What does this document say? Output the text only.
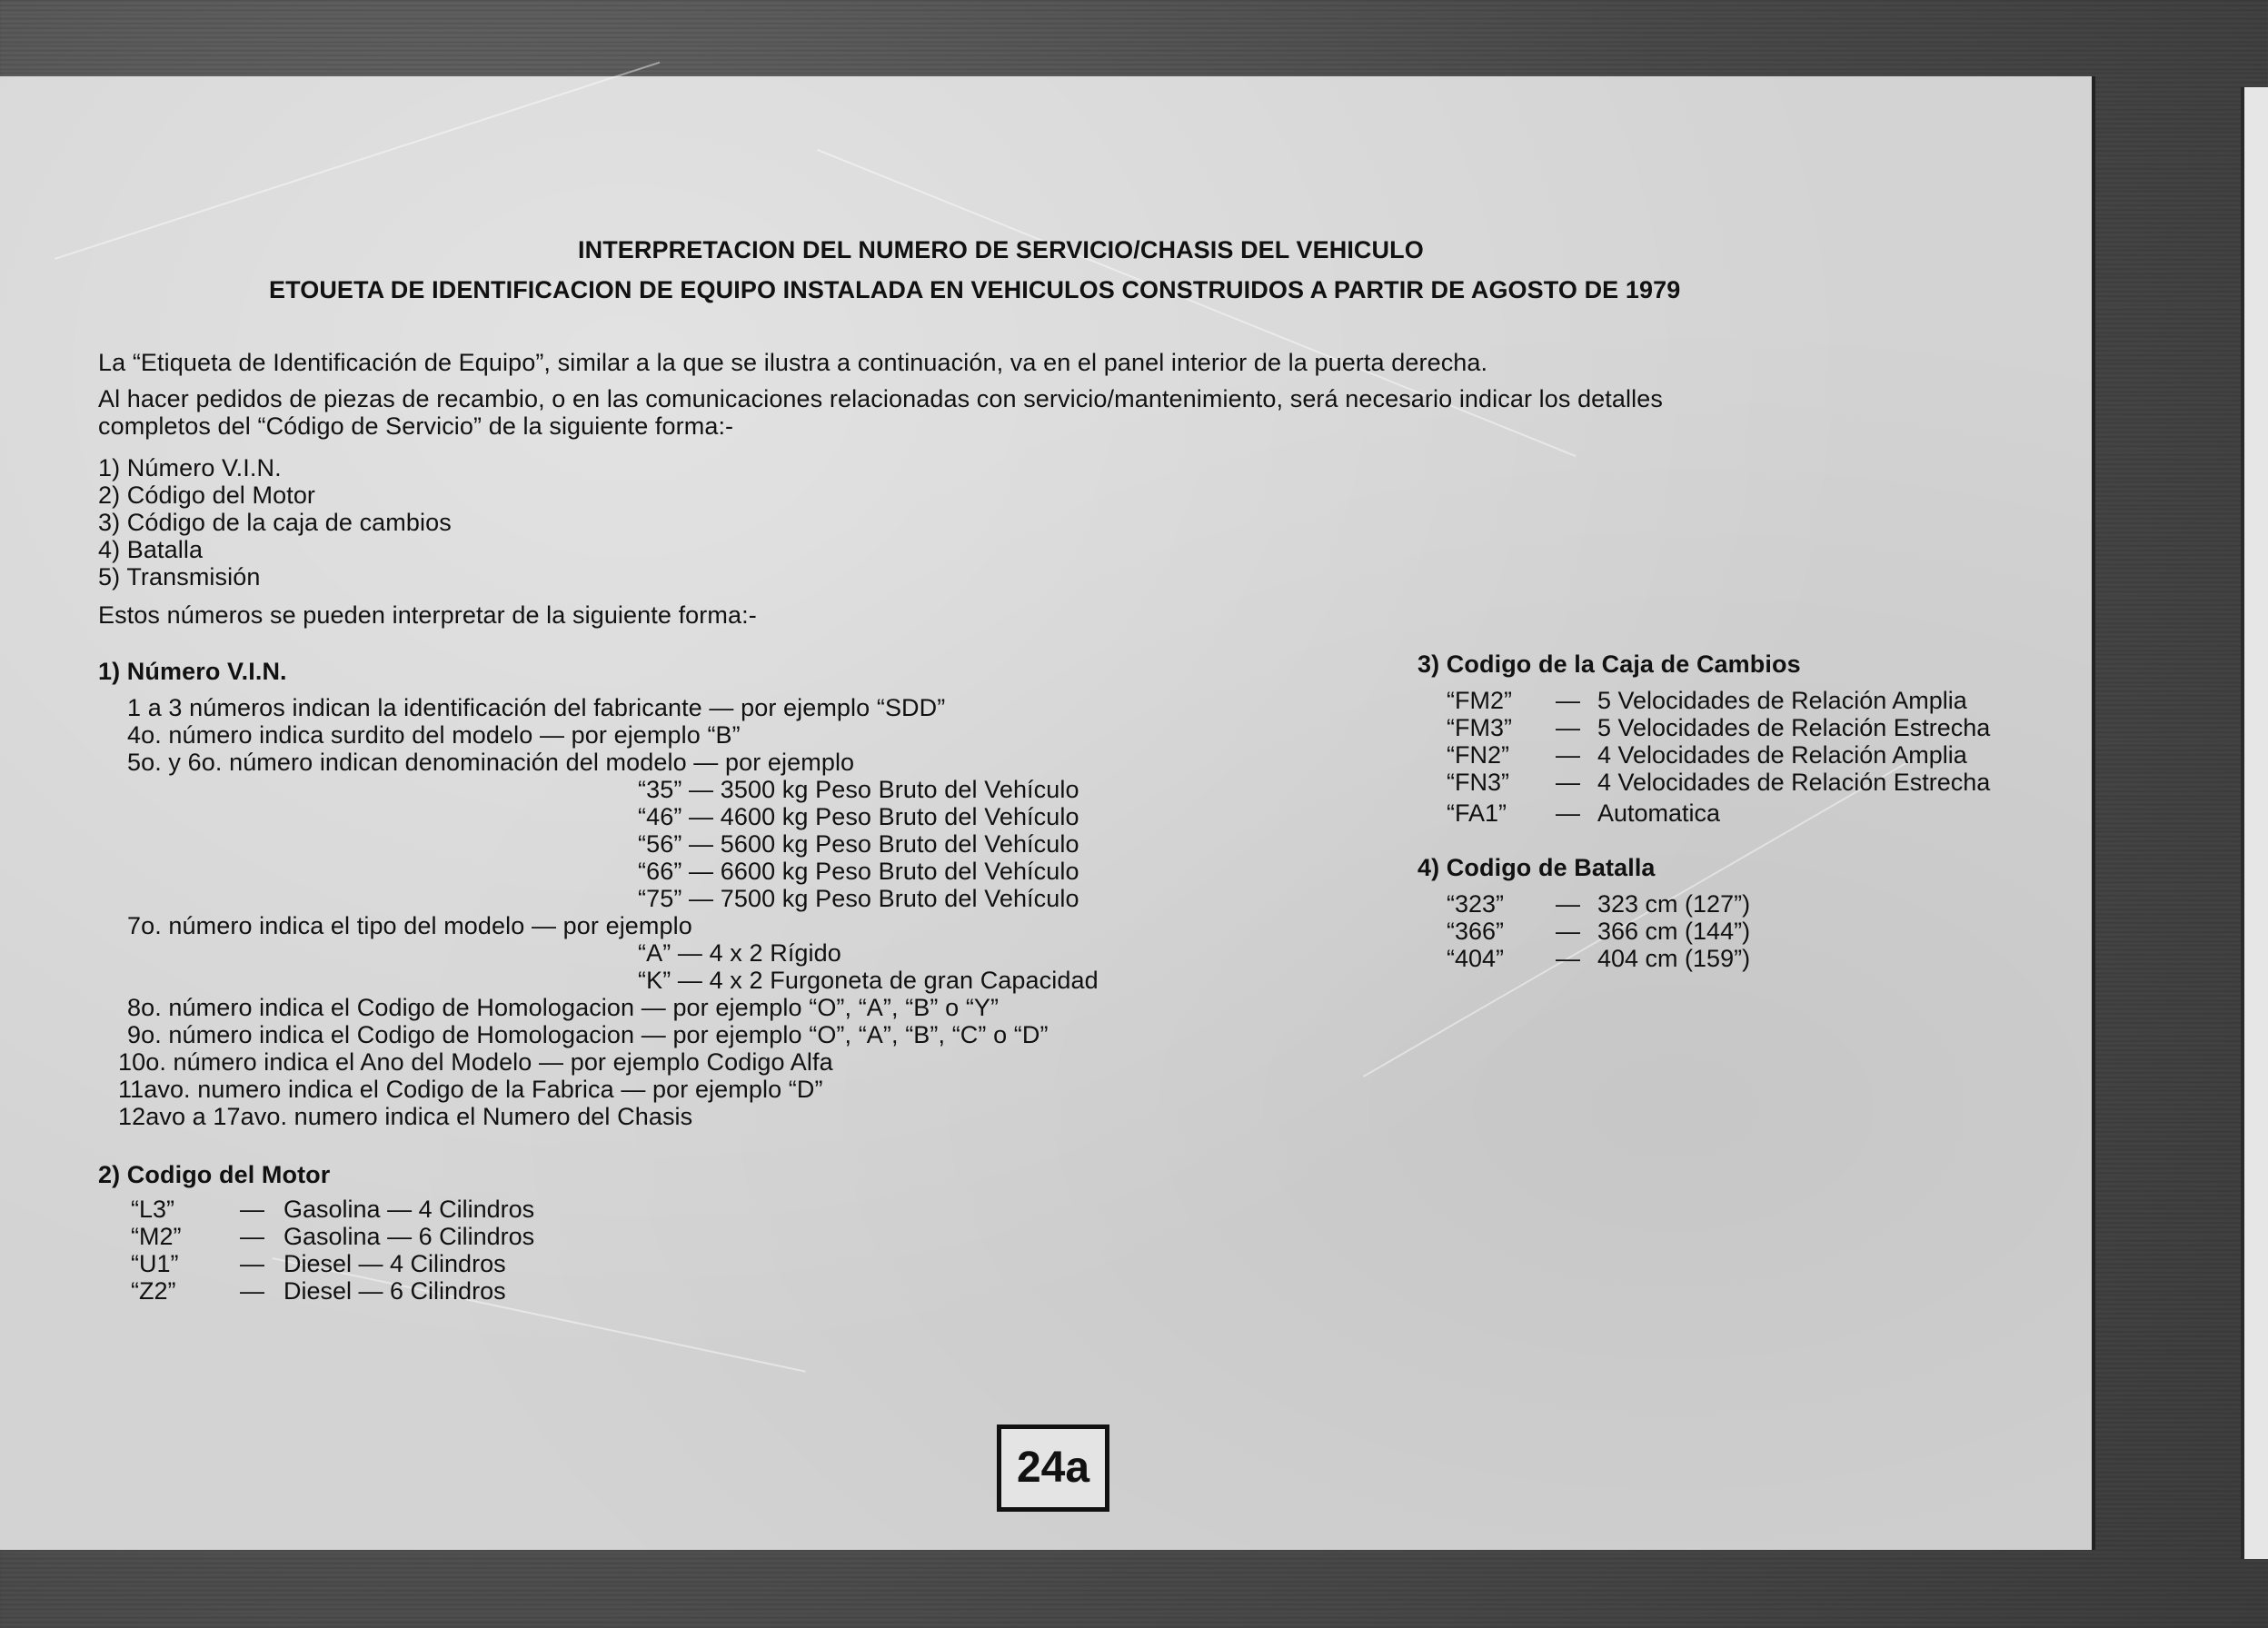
INTERPRETACION DEL NUMERO DE SERVICIO/CHASIS DEL VEHICULO
ETOUETA DE IDENTIFICACION DE EQUIPO INSTALADA EN VEHICULOS CONSTRUIDOS A PARTIR DE AGOSTO DE 1979
La “Etiqueta de Identificación de Equipo”, similar a la que se ilustra a continuación, va en el panel interior de la puerta derecha.
Al hacer pedidos de piezas de recambio, o en las comunicaciones relacionadas con servicio/mantenimiento, será necesario indicar los detalles
completos del “Código de Servicio” de la siguiente forma:-
1) Número V.I.N.
2) Código del Motor
3) Código de la caja de cambios
4) Batalla
5) Transmisión
Estos números se pueden interpretar de la siguiente forma:-
1) Número V.I.N.
1 a 3 números indican la identificación del fabricante — por ejemplo “SDD”
4o. número indica surdito del modelo — por ejemplo “B”
5o. y 6o. número indican denominación del modelo — por ejemplo
“35” — 3500 kg Peso Bruto del Vehículo
“46” — 4600 kg Peso Bruto del Vehículo
“56” — 5600 kg Peso Bruto del Vehículo
“66” — 6600 kg Peso Bruto del Vehículo
“75” — 7500 kg Peso Bruto del Vehículo
7o. número indica el tipo del modelo — por ejemplo
“A” — 4 x 2 Rígido
“K” — 4 x 2 Furgoneta de gran Capacidad
8o. número indica el Codigo de Homologacion — por ejemplo “O”, “A”, “B” o “Y”
9o. número indica el Codigo de Homologacion — por ejemplo “O”, “A”, “B”, “C” o “D”
10o. número indica el Ano del Modelo — por ejemplo Codigo Alfa
11avo. numero indica el Codigo de la Fabrica — por ejemplo “D”
12avo a 17avo. numero indica el Numero del Chasis
2) Codigo del Motor
“L3”	— Gasolina — 4 Cilindros
“M2” — Gasolina — 6 Cilindros
“U1”	— Diesel — 4 Cilindros
“Z2”	— Diesel — 6 Cilindros
3) Codigo de la Caja de Cambios
“FM2” — 5 Velocidades de Relación Amplia
“FM3” — 5 Velocidades de Relación Estrecha
“FN2” — 4 Velocidades de Relación Amplia
“FN3” — 4 Velocidades de Relación Estrecha
“FA1” — Automatica
4) Codigo de Batalla
“323” — 323 cm (127”)
“366” — 366 cm (144”)
“404” — 404 cm (159”)
24a
